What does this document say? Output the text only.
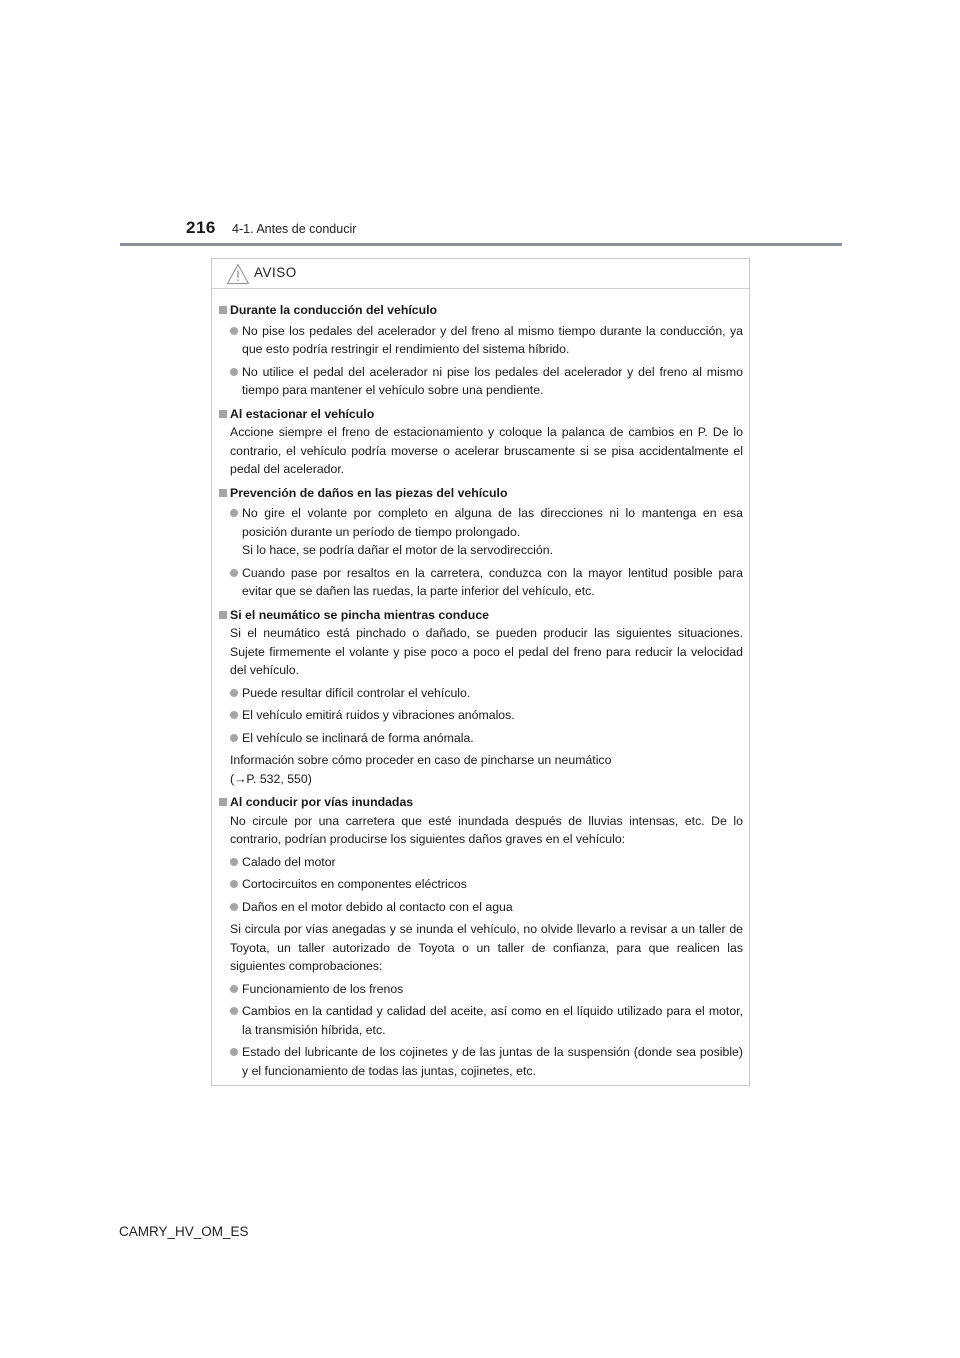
216 4-1. Antes de conducir
AVISO
Durante la conducción del vehículo
No pise los pedales del acelerador y del freno al mismo tiempo durante la conducción, ya que esto podría restringir el rendimiento del sistema híbrido.
No utilice el pedal del acelerador ni pise los pedales del acelerador y del freno al mismo tiempo para mantener el vehículo sobre una pendiente.
Al estacionar el vehículo
Accione siempre el freno de estacionamiento y coloque la palanca de cambios en P. De lo contrario, el vehículo podría moverse o acelerar bruscamente si se pisa accidentalmente el pedal del acelerador.
Prevención de daños en las piezas del vehículo
No gire el volante por completo en alguna de las direcciones ni lo mantenga en esa posición durante un período de tiempo prolongado.
Si lo hace, se podría dañar el motor de la servodirección.
Cuando pase por resaltos en la carretera, conduzca con la mayor lentitud posible para evitar que se dañen las ruedas, la parte inferior del vehículo, etc.
Si el neumático se pincha mientras conduce
Si el neumático está pinchado o dañado, se pueden producir las siguientes situaciones. Sujete firmemente el volante y pise poco a poco el pedal del freno para reducir la velocidad del vehículo.
Puede resultar difícil controlar el vehículo.
El vehículo emitirá ruidos y vibraciones anómalos.
El vehículo se inclinará de forma anómala.
Información sobre cómo proceder en caso de pincharse un neumático
(→P. 532, 550)
Al conducir por vías inundadas
No circule por una carretera que esté inundada después de lluvias intensas, etc. De lo contrario, podrían producirse los siguientes daños graves en el vehículo:
Calado del motor
Cortocircuitos en componentes eléctricos
Daños en el motor debido al contacto con el agua
Si circula por vías anegadas y se inunda el vehículo, no olvide llevarlo a revisar a un taller de Toyota, un taller autorizado de Toyota o un taller de confianza, para que realicen las siguientes comprobaciones:
Funcionamiento de los frenos
Cambios en la cantidad y calidad del aceite, así como en el líquido utilizado para el motor, la transmisión híbrida, etc.
Estado del lubricante de los cojinetes y de las juntas de la suspensión (donde sea posible) y el funcionamiento de todas las juntas, cojinetes, etc.
CAMRY_HV_OM_ES
